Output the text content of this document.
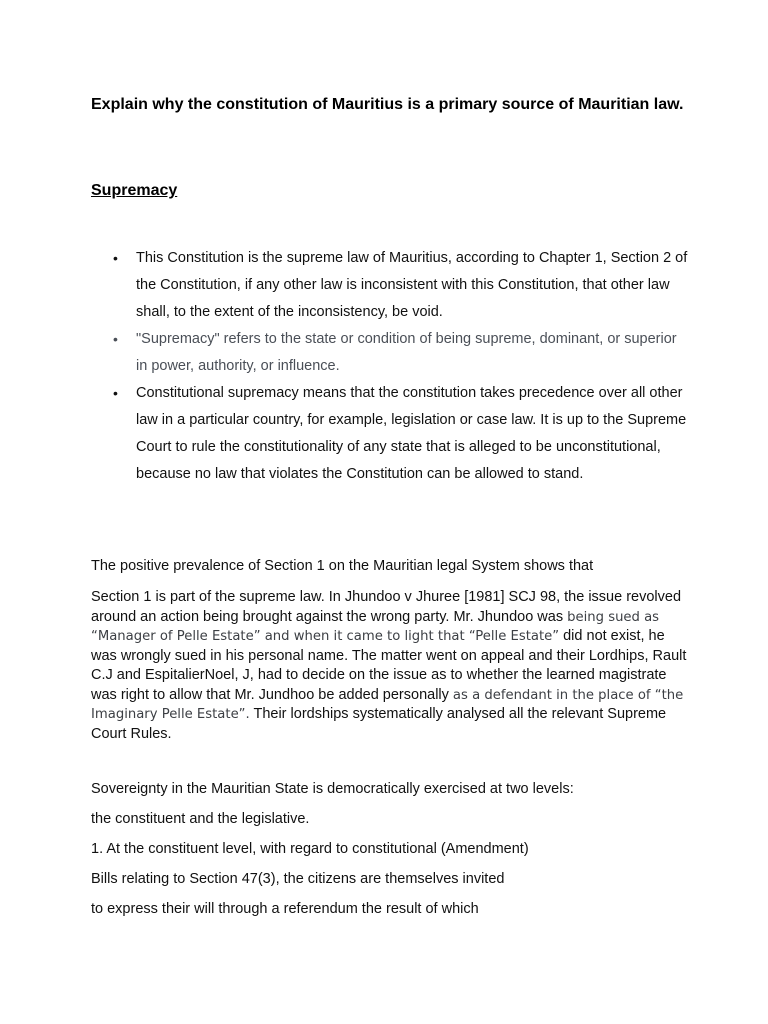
Explain why the constitution of Mauritius is a primary source of Mauritian law.
Supremacy
• This Constitution is the supreme law of Mauritius, according to Chapter 1, Section 2 of the Constitution, if any other law is inconsistent with this Constitution, that other law shall, to the extent of the inconsistency, be void.
• "Supremacy" refers to the state or condition of being supreme, dominant, or superior in power, authority, or influence.
• Constitutional supremacy means that the constitution takes precedence over all other law in a particular country, for example, legislation or case law. It is up to the Supreme Court to rule the constitutionality of any state that is alleged to be unconstitutional, because no law that violates the Constitution can be allowed to stand.
The positive prevalence of Section 1 on the Mauritian legal System shows that
Section 1 is part of the supreme law. In Jhundoo v Jhuree [1981] SCJ 98, the issue revolved around an action being brought against the wrong party. Mr. Jhundoo was being sued as “Manager of Pelle Estate” and when it came to light that “Pelle Estate” did not exist, he was wrongly sued in his personal name. The matter went on appeal and their Lordhips, Rault C.J and EspitalierNoel, J, had to decide on the issue as to whether the learned magistrate was right to allow that Mr. Jundhoo be added personally as a defendant in the place of “the Imaginary Pelle Estate”. Their lordships systematically analysed all the relevant Supreme Court Rules.
Sovereignty in the Mauritian State is democratically exercised at two levels:
the constituent and the legislative.
1. At the constituent level, with regard to constitutional (Amendment)
Bills relating to Section 47(3), the citizens are themselves invited
to express their will through a referendum the result of which
